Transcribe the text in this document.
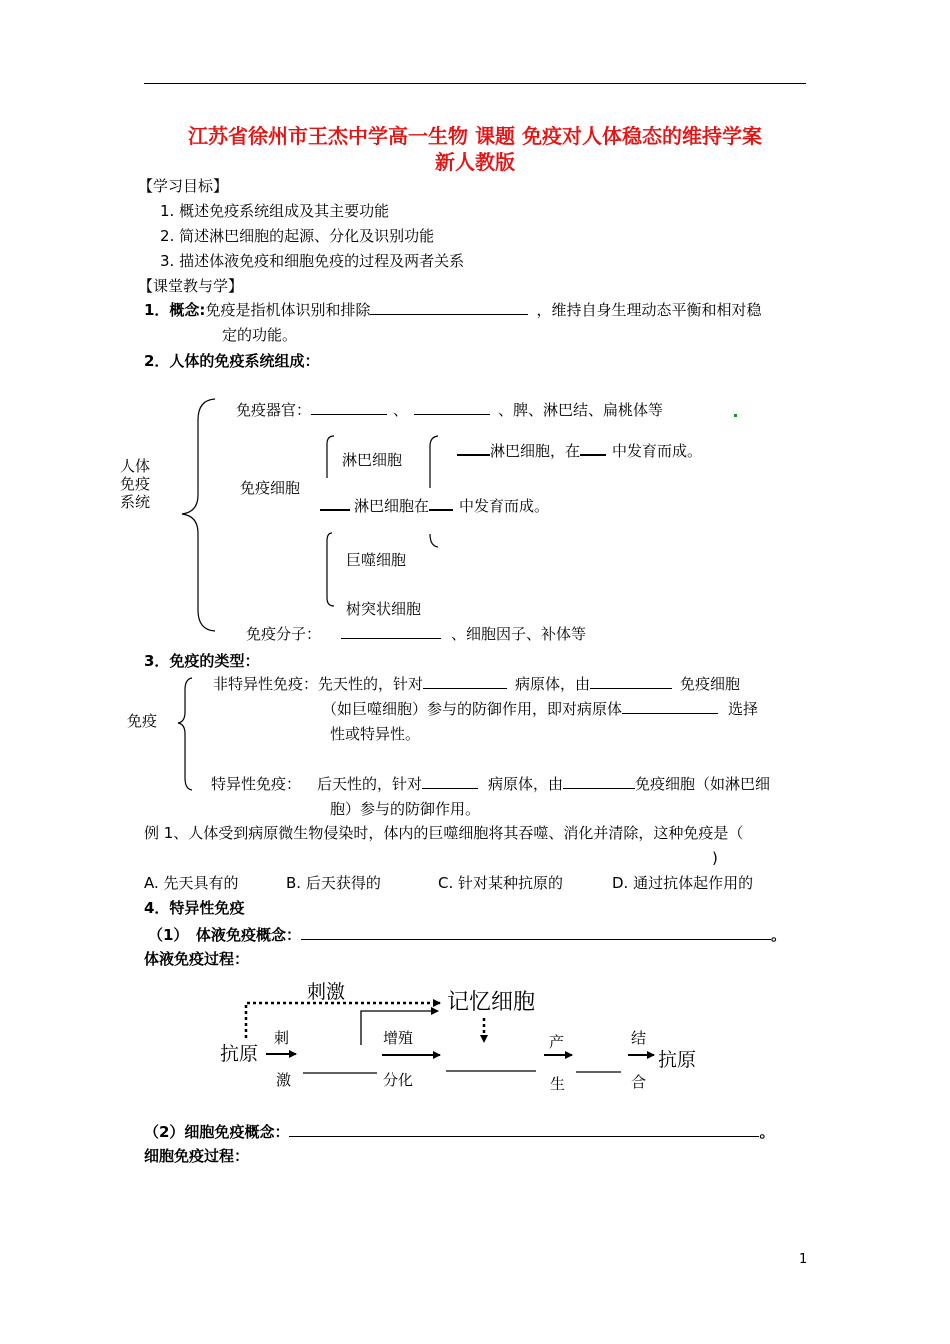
江苏省徐州市王杰中学高一生物 课题 免疫对人体稳态的维持学案
新人教版
【学习目标】
1. 概述免疫系统组成及其主要功能
2. 简述淋巴细胞的起源、分化及识别功能
3. 描述体液免疫和细胞免疫的过程及两者关系
【课堂教与学】
1．概念:免疫是指机体识别和排除	，维持自身生理动态平衡和相对稳
定的功能。
2．人体的免疫系统组成：
人体
免疫
系统
免疫器官：	、	、脾、淋巴结、扁桃体等
淋巴细胞	淋巴细胞，在 中发育而成。
免疫细胞
淋巴细胞在 中发育而成。
巨噬细胞
树突状细胞
免疫分子：	、细胞因子、补体等
3．免疫的类型：
免疫
非特异性免疫：先天性的，针对	病原体，由	免疫细胞
（如巨噬细胞）参与的防御作用，即对病原体	选择
性或特异性。
特异性免疫： 后天性的，针对	病原体，由	免疫细胞（如淋巴细
胞）参与的防御作用。
例 1、人体受到病原微生物侵染时，体内的巨噬细胞将其吞噬、消化并清除，这种免疫是（
)
A. 先天具有的	B. 后天获得的	C. 针对某种抗原的	D. 通过抗体起作用的
4．特异性免疫
（1）　体液免疫概念：	。
体液免疫过程：
刺激	记忆细胞
抗原
刺
激
增殖
分化
产
生
结
合
抗原
（2）细胞免疫概念：	。
细胞免疫过程：
1
